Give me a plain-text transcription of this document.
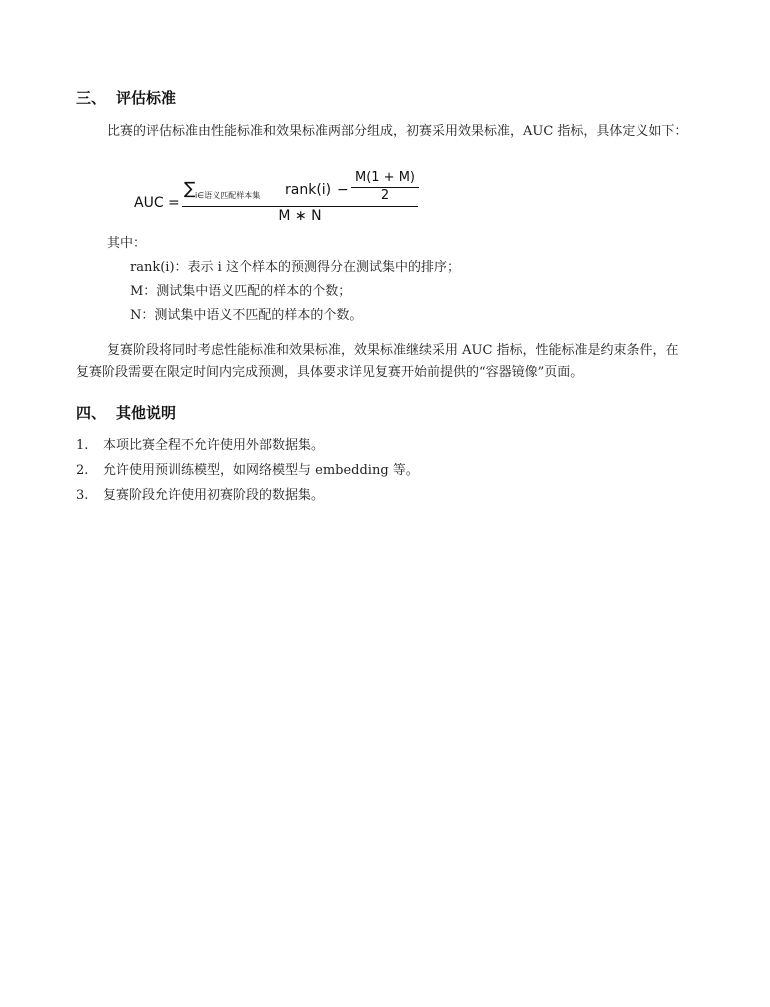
三、 评估标准
比赛的评估标准由性能标准和效果标准两部分组成，初赛采用效果标准，AUC 指标，具体定义如下：
AUC =
∑ i∈语义匹配样本集 rank(i) −
M(1 + M)
2
M ∗ N
其中：
rank(i)：表示 i 这个样本的预测得分在测试集中的排序；
M：测试集中语义匹配的样本的个数；
N：测试集中语义不匹配的样本的个数。
复赛阶段将同时考虑性能标准和效果标准，效果标准继续采用 AUC 指标，性能标准是约束条件，在复赛阶段需要在限定时间内完成预测，具体要求详见复赛开始前提供的“容器镜像”页面。
四、 其他说明
1. 本项比赛全程不允许使用外部数据集。
2. 允许使用预训练模型，如网络模型与 embedding 等。
3. 复赛阶段允许使用初赛阶段的数据集。
